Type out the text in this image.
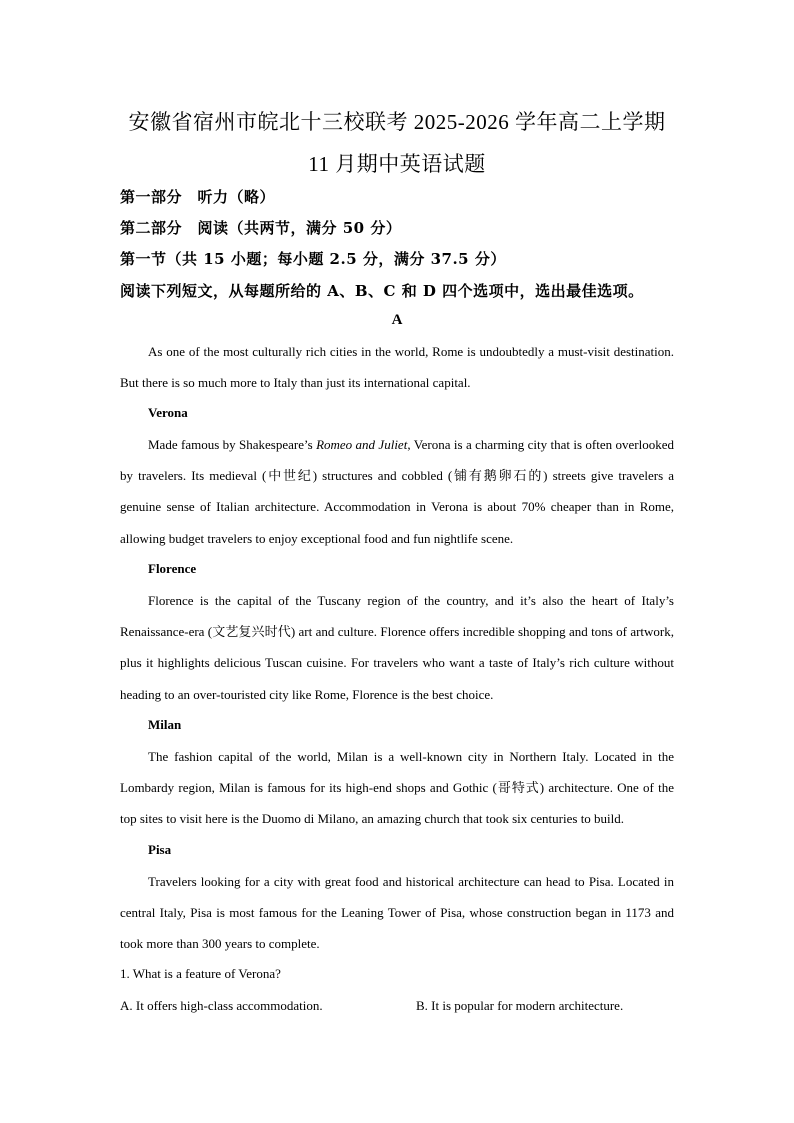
安徽省宿州市皖北十三校联考 2025-2026 学年高二上学期
11 月期中英语试题
第一部分　听力（略）
第二部分　阅读（共两节，满分 50 分）
第一节（共 15 小题；每小题 2.5 分，满分 37.5 分）
阅读下列短文，从每题所给的 A、B、C 和 D 四个选项中，选出最佳选项。
A
As one of the most culturally rich cities in the world, Rome is undoubtedly a must-visit destination. But there is so much more to Italy than just its international capital.
Verona
Made famous by Shakespeare’s Romeo and Juliet, Verona is a charming city that is often overlooked by travelers. Its medieval (中世纪) structures and cobbled (铺有鹅卵石的) streets give travelers a genuine sense of Italian architecture. Accommodation in Verona is about 70% cheaper than in Rome, allowing budget travelers to enjoy exceptional food and fun nightlife scene.
Florence
Florence is the capital of the Tuscany region of the country, and it’s also the heart of Italy’s Renaissance-era (文艺复兴时代) art and culture. Florence offers incredible shopping and tons of artwork, plus it highlights delicious Tuscan cuisine. For travelers who want a taste of Italy’s rich culture without heading to an over-touristed city like Rome, Florence is the best choice.
Milan
The fashion capital of the world, Milan is a well-known city in Northern Italy. Located in the Lombardy region, Milan is famous for its high-end shops and Gothic (哥特式) architecture. One of the top sites to visit here is the Duomo di Milano, an amazing church that took six centuries to build.
Pisa
Travelers looking for a city with great food and historical architecture can head to Pisa. Located in central Italy, Pisa is most famous for the Leaning Tower of Pisa, whose construction began in 1173 and took more than 300 years to complete.
1. What is a feature of Verona?
A. It offers high-class accommodation.	B. It is popular for modern architecture.
